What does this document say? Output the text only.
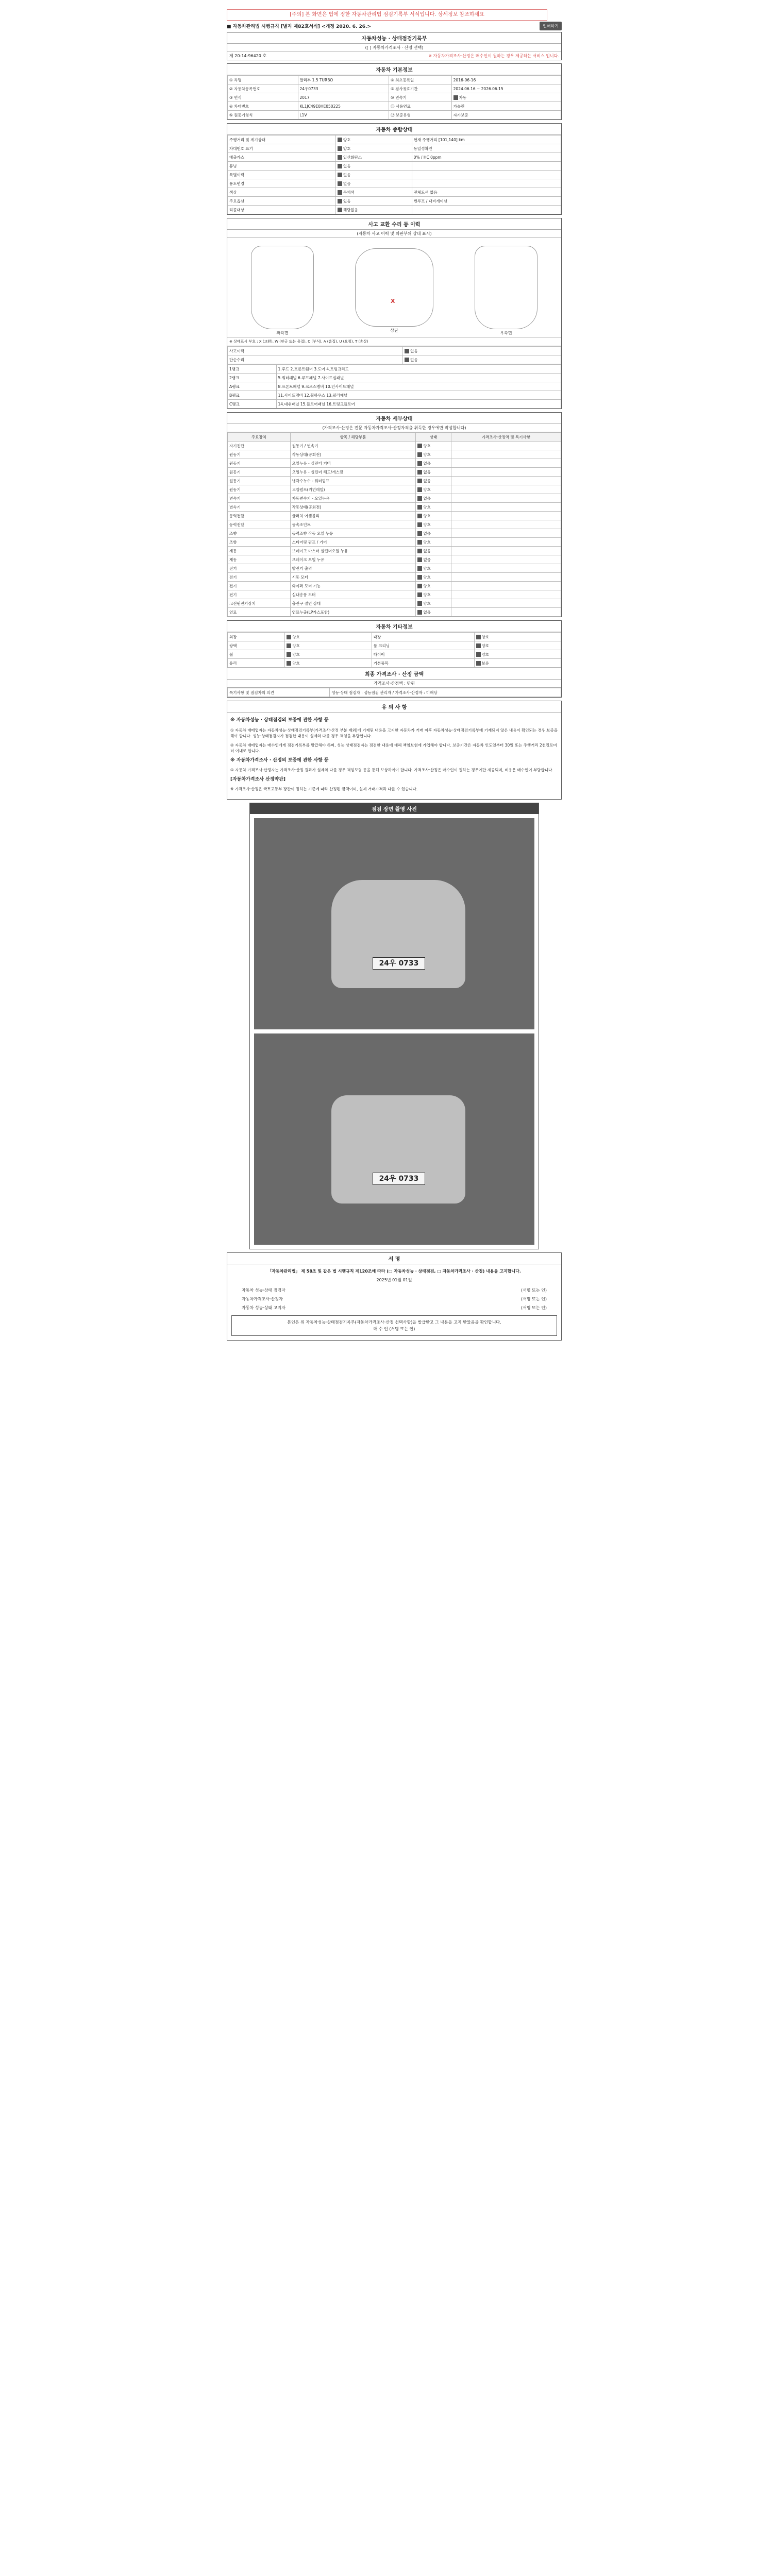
[주의] 본 화면은 법에 정한 자동차관리법 점검기록부 서식입니다. 상세정보 참조하세요
■ 자동차관리법 시행규칙 [별지 제82호서식] <개정 2020. 6. 26.>	인쇄하기
자동차성능 · 상태점검기록부
([ ] 자동차가격조사 · 산정 선택)
제 20-14-96420 호	※ 자동차가격조사·산정은 매수인이 원하는 경우 제공하는 서비스 입니다.
자동차 기본정보
① 차명	말리부 1.5 TURBO	⑧ 최초등록일	2016-06-16
② 자동차등록번호	24우0733	⑨ 검사유효기간	2024.06.16 ~ 2026.06.15
③ 연식	2017	⑩ 변속기	자동
④ 차대번호	KL1JC49E0HE050225	⑪ 사용연료	가솔린
⑤ 원동기형식	L1V	⑫ 보증유형	자가보증
자동차 종합상태
주행거리 및 계기상태	양호	현재 주행거리 [101,140] km
차대번호 표기	양호	동일성확인
배출가스	일산화탄소	0% / HC 0ppm
튜닝	없음	
특별이력	없음	
용도변경	없음	
색상	무채색	전체도색 없음
주요옵션	있음	썬루프 / 내비게이션
리콜대상	해당없음	
사고 교환 수리 등 이력
(자동차 사고 이력 및 외판부위 상태 표시)
좌측면
X
상단
우측면
※ 상태표시 부호 : X (교환), W (판금 또는 용접), C (부식), A (흠집), U (요철), T (손상)
사고이력	없음
단순수리	없음
1랭크	1.후드 2.프론트휀더 3.도어 4.트렁크리드
2랭크	5.쿼터패널 6.루프패널 7.사이드실패널
A랭크	8.프론트패널 9.크로스멤버 10.인사이드패널
B랭크	11.사이드멤버 12.휠하우스 13.필러패널
C랭크	14.대쉬패널 15.플로어패널 16.트렁크플로어
자동차 세부상태
(가격조사·산정은 전문 자동차가격조사·산정자격을 취득한 경우에만 작성합니다)
주요장치	항목 / 해당부품	상태	가격조사·산정액 및 특기사항
자기진단	원동기 / 변속기	양호	
원동기	작동상태(공회전)	양호	
원동기	오일누유 - 실린더 커버	없음	
원동기	오일누유 - 실린더 헤드/개스킷	없음	
원동기	냉각수누수 - 워터펌프	없음	
원동기	고압펌프(커먼레일)	양호	
변속기	자동변속기 - 오일누유	없음	
변속기	작동상태(공회전)	양호	
동력전달	클러치 어셈블리	양호	
동력전달	등속조인트	양호	
조향	동력조향 작동 오일 누유	없음	
조향	스티어링 펌프 / 기어	양호	
제동	브레이크 마스터 실린더오일 누유	없음	
제동	브레이크 오일 누유	없음	
전기	발전기 출력	양호	
전기	시동 모터	양호	
전기	와이퍼 모터 기능	양호	
전기	실내송풍 모터	양호	
고전원전기장치	충전구 절연 상태	양호	
연료	연료누출(LP가스포함)	없음	
자동차 기타정보
외장	양호	내장	양호
광택	양호	룸 크리닝	양호
휠	양호	타이어	양호
유리	양호	기본품목	보유
최종 가격조사 · 산정 금액
가격조사·산정액 : 만원
특기사항 및 점검자의 의견	성능·상태 점검자 : 성능점검 관리자 / 가격조사·산정자 : 미해당
유 의 사 항
※ 자동차성능 · 상태점검의 보증에 관한 사항 등

① 자동차 매매업자는 자동차성능·상태점검기록부(가격조사·산정 부분 제외)에 기재된 내용을 고지한 자동차가 거래 이후 자동차성능·상태점검기록부에 기재되지 않은 내용이 확인되는 경우 보증을 해야 합니다. 성능·상태점검자가 점검한 내용이 실제와 다를 경우 책임을 부담합니다.

② 자동차 매매업자는 매수인에게 점검기록부를 발급해야 하며, 성능·상태점검자는 점검한 내용에 대해 책임보험에 가입해야 합니다. 보증기간은 자동차 인도일부터 30일 또는 주행거리 2천킬로미터 이내로 합니다.

※ 자동차가격조사 · 산정의 보증에 관한 사항 등

① 자동차 가격조사·산정자는 가격조사·산정 결과가 실제와 다를 경우 책임보험 등을 통해 보상하여야 합니다. 가격조사·산정은 매수인이 원하는 경우에만 제공되며, 비용은 매수인이 부담합니다.

[자동차가격조사 산정약관]

※ 가격조사·산정은 국토교통부 장관이 정하는 기준에 따라 산정된 금액이며, 실제 거래가격과 다를 수 있습니다.

점검 장면 촬영 사진
24우 0733
24우 0733
서 명
「자동차관리법」 제 58조 및 같은 법 시행규칙 제120조에 따라 (□ 자동차성능 · 상태점검, □ 자동차가격조사 · 산정) 내용을 고지합니다.
2025년 01월 01일
자동차 성능·상태 점검자	(서명 또는 인)
자동차가격조사·산정자	(서명 또는 인)
자동차 성능·상태 고지자	(서명 또는 인)
본인은 위 자동차성능·상태점검기록부(자동차가격조사·산정 선택사항)을 발급받고 그 내용을 고지 받았음을 확인합니다.
매 수 인 (서명 또는 인)
